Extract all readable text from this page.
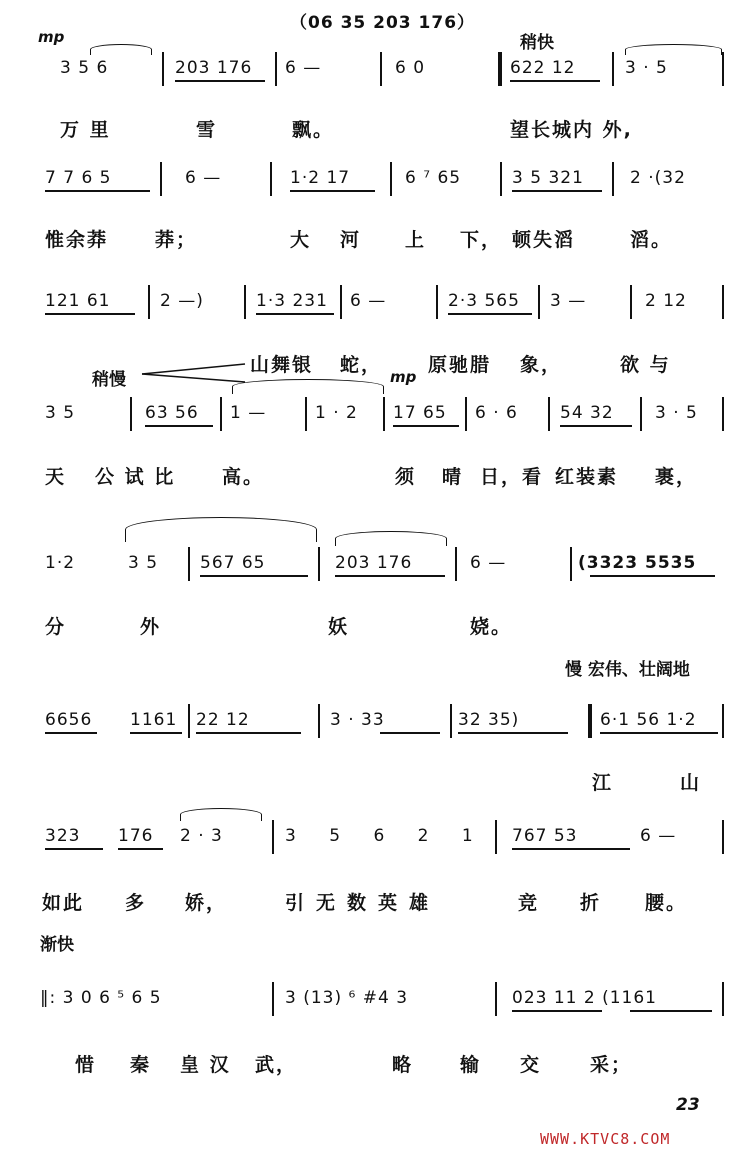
mp
（06 35 203 176）
稍快
3 5 6	203 176 6 —	6 0	622 12	3 · 5
万 里	雪	飘。	望长城内 外,
7 7 6 5	6 —	1·2 17	6 ⁷ 65	3 5 321	2 ·(32
惟余莽 莽；	大 河 上 下， 顿失滔	滔。
121 61	2 —)	1·3 231 6 —	2·3 565 3 —	2 12
稍慢	mp
山舞银 蛇， 原驰腊 象，	欲 与
3 5	63 56 1 —	1 · 2 17 65 6 · 6 54 32 3 · 5
天 公 试 比 高。	须 晴 日，看 红装素 裹，
1·2	3 5 567 65	203 176	6 —	(3323 5535
分	外	妖	娆。
慢 宏伟、壮阔地
6656 1161 22 12	3 · 33	32 35)	6·1 56 1·2
江	山
323 176 2 · 3	3 5 6 2 1 767 53	6 —
如此 多 娇，	引无数英雄	竞 折 腰。
渐快
‖: 3 0 6 ⁵ 6 5	3 (13) ⁶ #4 3	023 11 2 (1161
惜 秦 皇 汉 武，	略 输 交	采；
23
WWW.KTVC8.COM
